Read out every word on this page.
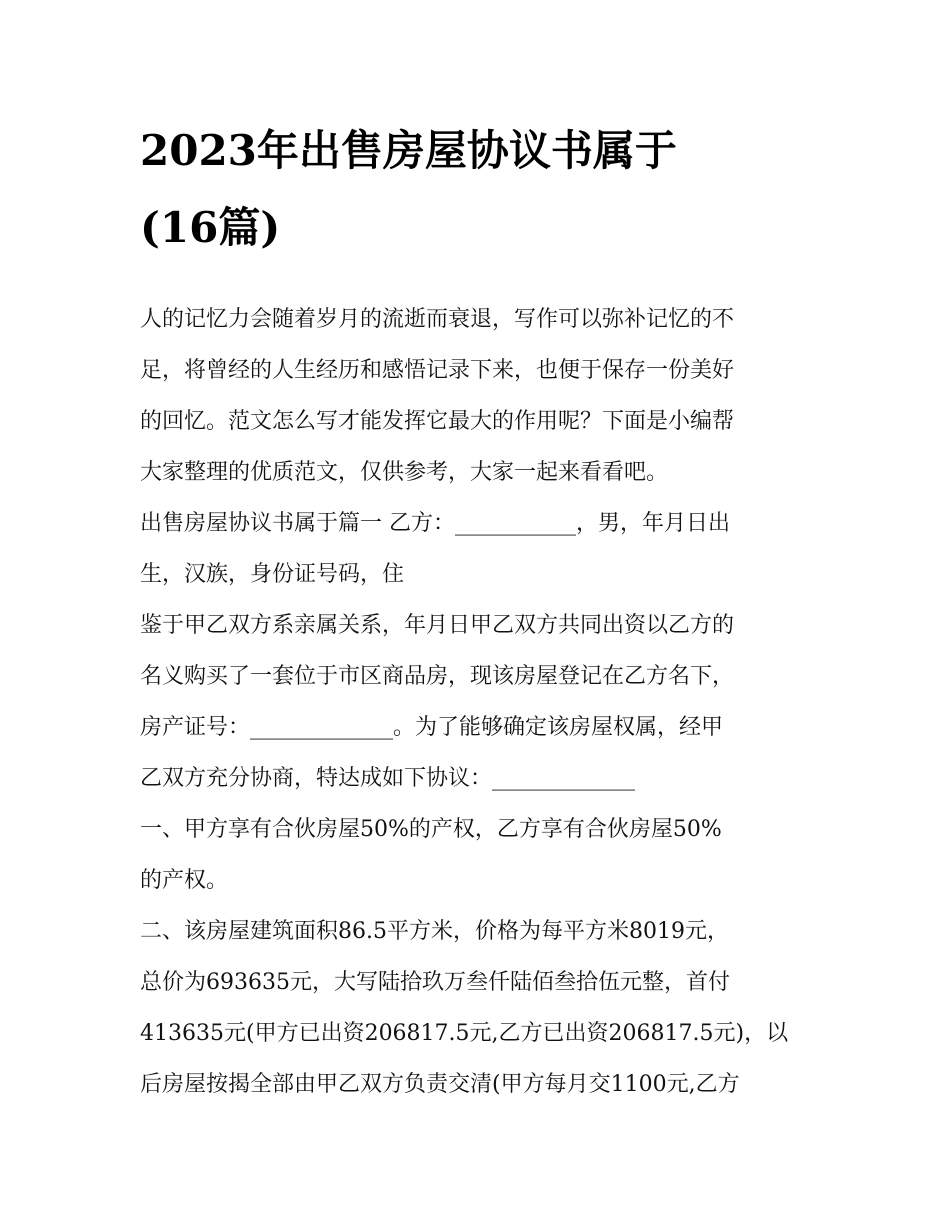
2023年出售房屋协议书属于
(16篇)
人的记忆力会随着岁月的流逝而衰退，写作可以弥补记忆的不
足，将曾经的人生经历和感悟记录下来，也便于保存一份美好
的回忆。范文怎么写才能发挥它最大的作用呢？下面是小编帮
大家整理的优质范文，仅供参考，大家一起来看看吧。
出售房屋协议书属于篇一 乙方：___________，男，年月日出
生，汉族，身份证号码，住
鉴于甲乙双方系亲属关系，年月日甲乙双方共同出资以乙方的
名义购买了一套位于市区商品房，现该房屋登记在乙方名下，
房产证号：_____________。为了能够确定该房屋权属，经甲
乙双方充分协商，特达成如下协议：_____________
一、甲方享有合伙房屋50%的产权，乙方享有合伙房屋50%
的产权。
二、该房屋建筑面积86.5平方米，价格为每平方米8019元，
总价为693635元，大写陆拾玖万叁仟陆佰叁拾伍元整，首付
413635元(甲方已出资206817.5元,乙方已出资206817.5元)，以
后房屋按揭全部由甲乙双方负责交清(甲方每月交1100元,乙方
